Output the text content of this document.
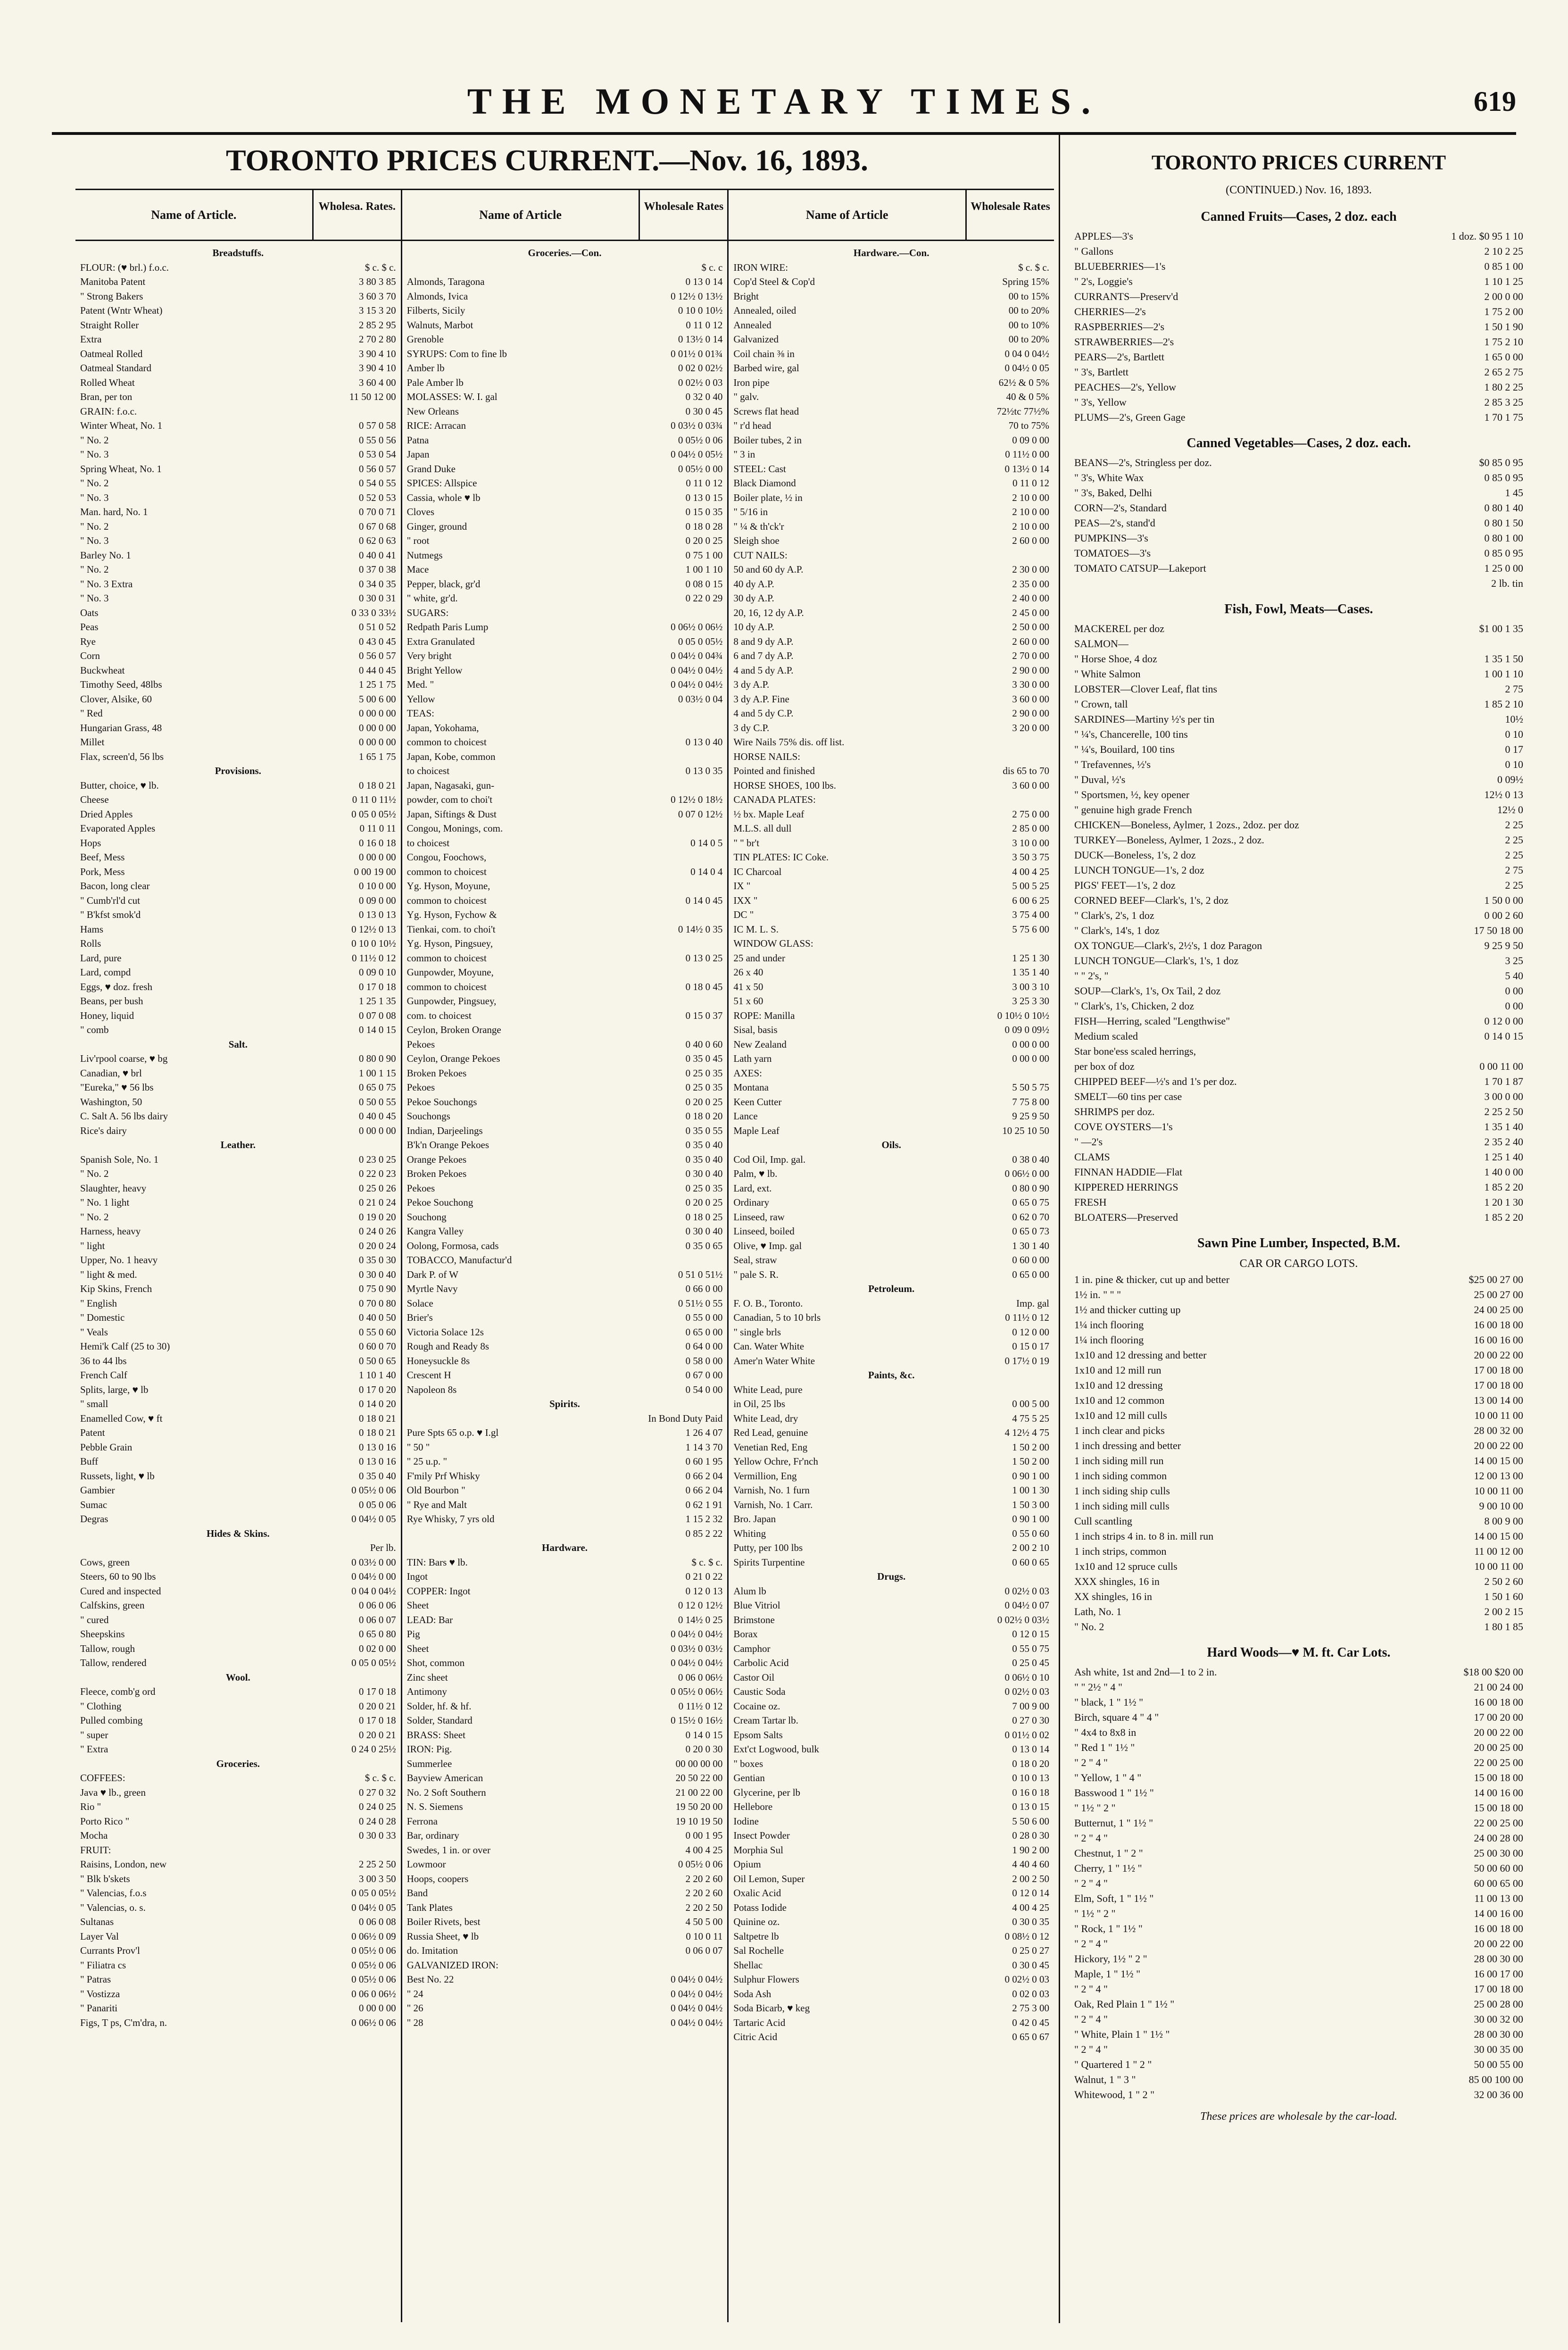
THE MONETARY TIMES.	619
TORONTO PRICES CURRENT.—Nov. 16, 1893.
Name of Article.
Wholesa. Rates.
Breadstuffs.
FLOUR: (♥ brl.) f.o.c.	$ c. $ c.
Manitoba Patent	3 80 3 85
" Strong Bakers	3 60 3 70
Patent (Wntr Wheat)	3 15 3 20
Straight Roller	2 85 2 95
Extra	2 70 2 80
Oatmeal Rolled	3 90 4 10
Oatmeal Standard	3 90 4 10
Rolled Wheat	3 60 4 00
Bran, per ton	11 50 12 00
GRAIN: f.o.c.
Winter Wheat, No. 1	0 57 0 58
" No. 2	0 55 0 56
" No. 3	0 53 0 54
Spring Wheat, No. 1	0 56 0 57
" No. 2	0 54 0 55
" No. 3	0 52 0 53
Man. hard, No. 1	0 70 0 71
" No. 2	0 67 0 68
" No. 3	0 62 0 63
Barley No. 1	0 40 0 41
" No. 2	0 37 0 38
" No. 3 Extra	0 34 0 35
" No. 3	0 30 0 31
Oats	0 33 0 33½
Peas	0 51 0 52
Rye	0 43 0 45
Corn	0 56 0 57
Buckwheat	0 44 0 45
Timothy Seed, 48lbs	1 25 1 75
Clover, Alsike, 60	5 00 6 00
" Red	0 00 0 00
Hungarian Grass, 48	0 00 0 00
Millet	0 00 0 00
Flax, screen'd, 56 lbs	1 65 1 75
Provisions.
Butter, choice, ♥ lb.	0 18 0 21
Cheese	0 11 0 11½
Dried Apples	0 05 0 05½
Evaporated Apples	0 11 0 11
Hops	0 16 0 18
Beef, Mess	0 00 0 00
Pork, Mess	0 00 19 00
Bacon, long clear	0 10 0 00
" Cumb'rl'd cut	0 09 0 00
" B'kfst smok'd	0 13 0 13
Hams	0 12½ 0 13
Rolls	0 10 0 10½
Lard, pure	0 11½ 0 12
Lard, compd	0 09 0 10
Eggs, ♥ doz. fresh	0 17 0 18
Beans, per bush	1 25 1 35
Honey, liquid	0 07 0 08
" comb	0 14 0 15
Salt.
Liv'rpool coarse, ♥ bg	0 80 0 90
Canadian, ♥ brl	1 00 1 15
"Eureka," ♥ 56 lbs	0 65 0 75
Washington, 50	0 50 0 55
C. Salt A. 56 lbs dairy	0 40 0 45
Rice's dairy	0 00 0 00
Leather.
Spanish Sole, No. 1	0 23 0 25
" No. 2	0 22 0 23
Slaughter, heavy	0 25 0 26
" No. 1 light	0 21 0 24
" No. 2	0 19 0 20
Harness, heavy	0 24 0 26
" light	0 20 0 24
Upper, No. 1 heavy	0 35 0 30
" light & med.	0 30 0 40
Kip Skins, French	0 75 0 90
" English	0 70 0 80
" Domestic	0 40 0 50
" Veals	0 55 0 60
Hemi'k Calf (25 to 30)	0 60 0 70
36 to 44 lbs	0 50 0 65
French Calf	1 10 1 40
Splits, large, ♥ lb	0 17 0 20
" small	0 14 0 20
Enamelled Cow, ♥ ft	0 18 0 21
Patent	0 18 0 21
Pebble Grain	0 13 0 16
Buff	0 13 0 16
Russets, light, ♥ lb	0 35 0 40
Gambier	0 05½ 0 06
Sumac	0 05 0 06
Degras	0 04½ 0 05
Hides & Skins.
Per lb.
Cows, green	0 03½ 0 00
Steers, 60 to 90 lbs	0 04½ 0 00
Cured and inspected	0 04 0 04½
Calfskins, green	0 06 0 06
" cured	0 06 0 07
Sheepskins	0 65 0 80
Tallow, rough	0 02 0 00
Tallow, rendered	0 05 0 05½
Wool.
Fleece, comb'g ord	0 17 0 18
" Clothing	0 20 0 21
Pulled combing	0 17 0 18
" super	0 20 0 21
" Extra	0 24 0 25½
Groceries.
COFFEES:	$ c. $ c.
Java ♥ lb., green	0 27 0 32
Rio "	0 24 0 25
Porto Rico "	0 24 0 28
Mocha	0 30 0 33
FRUIT:
Raisins, London, new	2 25 2 50
" Blk b'skets	3 00 3 50
" Valencias, f.o.s	0 05 0 05½
" Valencias, o. s.	0 04½ 0 05
Sultanas	0 06 0 08
Layer Val	0 06½ 0 09
Currants Prov'l	0 05½ 0 06
" Filiatra cs	0 05½ 0 06
" Patras	0 05½ 0 06
" Vostizza	0 06 0 06½
" Panariti	0 00 0 00
Figs, T ps, C'm'dra, n.	0 06½ 0 06
Name of Article
Wholesale Rates
Groceries.—Con.
$ c. c
Almonds, Taragona	0 13 0 14
Almonds, Ivica	0 12½ 0 13½
Filberts, Sicily	0 10 0 10½
Walnuts, Marbot	0 11 0 12
Grenoble	0 13½ 0 14
SYRUPS: Com to fine lb	0 01½ 0 01¾
Amber lb	0 02 0 02½
Pale Amber lb	0 02½ 0 03
MOLASSES: W. I. gal	0 32 0 40
New Orleans	0 30 0 45
RICE: Arracan	0 03½ 0 03¾
Patna	0 05½ 0 06
Japan	0 04½ 0 05½
Grand Duke	0 05½ 0 00
SPICES: Allspice	0 11 0 12
Cassia, whole ♥ lb	0 13 0 15
Cloves	0 15 0 35
Ginger, ground	0 18 0 28
" root	0 20 0 25
Nutmegs	0 75 1 00
Mace	1 00 1 10
Pepper, black, gr'd	0 08 0 15
" white, gr'd.	0 22 0 29
SUGARS:
Redpath Paris Lump	0 06½ 0 06½
Extra Granulated	0 05 0 05½
Very bright	0 04½ 0 04¾
Bright Yellow	0 04½ 0 04½
Med. "	0 04½ 0 04½
Yellow	0 03½ 0 04
TEAS:
Japan, Yokohama,
common to choicest	0 13 0 40
Japan, Kobe, common
to choicest	0 13 0 35
Japan, Nagasaki, gun-
powder, com to choi't	0 12½ 0 18½
Japan, Siftings & Dust	0 07 0 12½
Congou, Monings, com.
to choicest	0 14 0 5
Congou, Foochows,
common to choicest	0 14 0 4
Yg. Hyson, Moyune,
common to choicest	0 14 0 45
Yg. Hyson, Fychow &
Tienkai, com. to choi't	0 14½ 0 35
Yg. Hyson, Pingsuey,
common to choicest	0 13 0 25
Gunpowder, Moyune,
common to choicest	0 18 0 45
Gunpowder, Pingsuey,
com. to choicest	0 15 0 37
Ceylon, Broken Orange
Pekoes	0 40 0 60
Ceylon, Orange Pekoes	0 35 0 45
Broken Pekoes	0 25 0 35
Pekoes	0 25 0 35
Pekoe Souchongs	0 20 0 25
Souchongs	0 18 0 20
Indian, Darjeelings	0 35 0 55
B'k'n Orange Pekoes	0 35 0 40
Orange Pekoes	0 35 0 40
Broken Pekoes	0 30 0 40
Pekoes	0 25 0 35
Pekoe Souchong	0 20 0 25
Souchong	0 18 0 25
Kangra Valley	0 30 0 40
Oolong, Formosa, cads	0 35 0 65
TOBACCO, Manufactur'd
Dark P. of W	0 51 0 51½
Myrtle Navy	0 66 0 00
Solace	0 51½ 0 55
Brier's	0 55 0 00
Victoria Solace 12s	0 65 0 00
Rough and Ready 8s	0 64 0 00
Honeysuckle 8s	0 58 0 00
Crescent H	0 67 0 00
Napoleon 8s	0 54 0 00
Spirits.
In Bond Duty Paid
Pure Spts 65 o.p. ♥ I.gl	1 26 4 07
" 50 "	1 14 3 70
" 25 u.p. "	0 60 1 95
F'mily Prf Whisky	0 66 2 04
Old Bourbon "	0 66 2 04
" Rye and Malt	0 62 1 91
Rye Whisky, 7 yrs old	1 15 2 32
0 85 2 22
Hardware.
TIN: Bars ♥ lb.	$ c. $ c.
Ingot	0 21 0 22
COPPER: Ingot	0 12 0 13
Sheet	0 12 0 12½
LEAD: Bar	0 14½ 0 25
Pig	0 04½ 0 04½
Sheet	0 03½ 0 03½
Shot, common	0 04½ 0 04½
Zinc sheet	0 06 0 06½
Antimony	0 05½ 0 06½
Solder, hf. & hf.	0 11½ 0 12
Solder, Standard	0 15½ 0 16½
BRASS: Sheet	0 14 0 15
IRON: Pig.	0 20 0 30
Summerlee	00 00 00 00
Bayview American	20 50 22 00
No. 2 Soft Southern	21 00 22 00
N. S. Siemens	19 50 20 00
Ferrona	19 10 19 50
Bar, ordinary	0 00 1 95
Swedes, 1 in. or over	4 00 4 25
Lowmoor	0 05½ 0 06
Hoops, coopers	2 20 2 60
Band	2 20 2 60
Tank Plates	2 20 2 50
Boiler Rivets, best	4 50 5 00
Russia Sheet, ♥ lb	0 10 0 11
do. Imitation	0 06 0 07
GALVANIZED IRON:
Best No. 22	0 04½ 0 04½
" 24	0 04½ 0 04½
" 26	0 04½ 0 04½
" 28	0 04½ 0 04½
Name of Article
Wholesale Rates
Hardware.—Con.
IRON WIRE:	$ c. $ c.
Cop'd Steel & Cop'd	Spring 15%
Bright	00 to 15%
Annealed, oiled	00 to 20%
Annealed	00 to 10%
Galvanized	00 to 20%
Coil chain ⅜ in	0 04 0 04½
Barbed wire, gal	0 04½ 0 05
Iron pipe	62½ & 0 5%
" galv.	40 & 0 5%
Screws flat head	72½tc 77½%
" r'd head	70 to 75%
Boiler tubes, 2 in	0 09 0 00
" 3 in	0 11½ 0 00
STEEL: Cast	0 13½ 0 14
Black Diamond	0 11 0 12
Boiler plate, ½ in	2 10 0 00
" 5/16 in	2 10 0 00
" ¼ & th'ck'r	2 10 0 00
Sleigh shoe	2 60 0 00
CUT NAILS:
50 and 60 dy A.P.	2 30 0 00
40 dy A.P.	2 35 0 00
30 dy A.P.	2 40 0 00
20, 16, 12 dy A.P.	2 45 0 00
10 dy A.P.	2 50 0 00
8 and 9 dy A.P.	2 60 0 00
6 and 7 dy A.P.	2 70 0 00
4 and 5 dy A.P.	2 90 0 00
3 dy A.P.	3 30 0 00
3 dy A.P. Fine	3 60 0 00
4 and 5 dy C.P.	2 90 0 00
3 dy C.P.	3 20 0 00
Wire Nails 75% dis. off list.
HORSE NAILS:
Pointed and finished	dis 65 to 70
HORSE SHOES, 100 lbs.	3 60 0 00
CANADA PLATES:
½ bx. Maple Leaf	2 75 0 00
M.L.S. all dull	2 85 0 00
" " br't	3 10 0 00
TIN PLATES: IC Coke.	3 50 3 75
IC Charcoal	4 00 4 25
IX "	5 00 5 25
IXX "	6 00 6 25
DC "	3 75 4 00
IC M. L. S.	5 75 6 00
WINDOW GLASS:
25 and under	1 25 1 30
26 x 40	1 35 1 40
41 x 50	3 00 3 10
51 x 60	3 25 3 30
ROPE: Manilla	0 10½ 0 10½
Sisal, basis	0 09 0 09½
New Zealand	0 00 0 00
Lath yarn	0 00 0 00
AXES:
Montana	5 50 5 75
Keen Cutter	7 75 8 00
Lance	9 25 9 50
Maple Leaf	10 25 10 50
Oils.
Cod Oil, Imp. gal.	0 38 0 40
Palm, ♥ lb.	0 06½ 0 00
Lard, ext.	0 80 0 90
Ordinary	0 65 0 75
Linseed, raw	0 62 0 70
Linseed, boiled	0 65 0 73
Olive, ♥ Imp. gal	1 30 1 40
Seal, straw	0 60 0 00
" pale S. R.	0 65 0 00
Petroleum.
F. O. B., Toronto.	Imp. gal
Canadian, 5 to 10 brls	0 11½ 0 12
" single brls	0 12 0 00
Can. Water White	0 15 0 17
Amer'n Water White	0 17½ 0 19
Paints, &c.
White Lead, pure
in Oil, 25 lbs	0 00 5 00
White Lead, dry	4 75 5 25
Red Lead, genuine	4 12½ 4 75
Venetian Red, Eng	1 50 2 00
Yellow Ochre, Fr'nch	1 50 2 00
Vermillion, Eng	0 90 1 00
Varnish, No. 1 furn	1 00 1 30
Varnish, No. 1 Carr.	1 50 3 00
Bro. Japan	0 90 1 00
Whiting	0 55 0 60
Putty, per 100 lbs	2 00 2 10
Spirits Turpentine	0 60 0 65
Drugs.
Alum lb	0 02½ 0 03
Blue Vitriol	0 04½ 0 07
Brimstone	0 02½ 0 03½
Borax	0 12 0 15
Camphor	0 55 0 75
Carbolic Acid	0 25 0 45
Castor Oil	0 06½ 0 10
Caustic Soda	0 02½ 0 03
Cocaine oz.	7 00 9 00
Cream Tartar lb.	0 27 0 30
Epsom Salts	0 01½ 0 02
Ext'ct Logwood, bulk	0 13 0 14
" boxes	0 18 0 20
Gentian	0 10 0 13
Glycerine, per lb	0 16 0 18
Hellebore	0 13 0 15
Iodine	5 50 6 00
Insect Powder	0 28 0 30
Morphia Sul	1 90 2 00
Opium	4 40 4 60
Oil Lemon, Super	2 00 2 50
Oxalic Acid	0 12 0 14
Potass Iodide	4 00 4 25
Quinine oz.	0 30 0 35
Saltpetre lb	0 08½ 0 12
Sal Rochelle	0 25 0 27
Shellac	0 30 0 45
Sulphur Flowers	0 02½ 0 03
Soda Ash	0 02 0 03
Soda Bicarb, ♥ keg	2 75 3 00
Tartaric Acid	0 42 0 45
Citric Acid	0 65 0 67
TORONTO PRICES CURRENT
(CONTINUED.) Nov. 16, 1893.
Canned Fruits—Cases, 2 doz. each
APPLES—3's	1 doz. $0 95 1 10
" Gallons	2 10 2 25
BLUEBERRIES—1's	0 85 1 00
" 2's, Loggie's	1 10 1 25
CURRANTS—Preserv'd	2 00 0 00
CHERRIES—2's	1 75 2 00
RASPBERRIES—2's	1 50 1 90
STRAWBERRIES—2's	1 75 2 10
PEARS—2's, Bartlett	1 65 0 00
" 3's, Bartlett	2 65 2 75
PEACHES—2's, Yellow	1 80 2 25
" 3's, Yellow	2 85 3 25
PLUMS—2's, Green Gage	1 70 1 75
Canned Vegetables—Cases, 2 doz. each.
BEANS—2's, Stringless per doz.	$0 85 0 95
" 3's, White Wax	0 85 0 95
" 3's, Baked, Delhi	1 45
CORN—2's, Standard	0 80 1 40
PEAS—2's, stand'd	0 80 1 50
PUMPKINS—3's	0 80 1 00
TOMATOES—3's	0 85 0 95
TOMATO CATSUP—Lakeport	1 25 0 00
2 lb. tin
Fish, Fowl, Meats—Cases.
MACKEREL per doz	$1 00 1 35
SALMON—
" Horse Shoe, 4 doz	1 35 1 50
" White Salmon	1 00 1 10
LOBSTER—Clover Leaf, flat tins	2 75
" Crown, tall	1 85 2 10
SARDINES—Martiny ½'s per tin	10½
" ¼'s, Chancerelle, 100 tins	0 10
" ¼'s, Bouilard, 100 tins	0 17
" Trefavennes, ½'s	0 10
" Duval, ½'s	0 09½
" Sportsmen, ½, key opener	12½ 0 13
" genuine high grade French	12½ 0
CHICKEN—Boneless, Aylmer, 1 2ozs., 2doz. per doz	2 25
TURKEY—Boneless, Aylmer, 1 2ozs., 2 doz.	2 25
DUCK—Boneless, 1's, 2 doz	2 25
LUNCH TONGUE—1's, 2 doz	2 75
PIGS' FEET—1's, 2 doz	2 25
CORNED BEEF—Clark's, 1's, 2 doz	1 50 0 00
" Clark's, 2's, 1 doz	0 00 2 60
" Clark's, 14's, 1 doz	17 50 18 00
OX TONGUE—Clark's, 2½'s, 1 doz Paragon	9 25 9 50
LUNCH TONGUE—Clark's, 1's, 1 doz	3 25
" " 2's, "	5 40
SOUP—Clark's, 1's, Ox Tail, 2 doz	0 00
" Clark's, 1's, Chicken, 2 doz	0 00
FISH—Herring, scaled "Lengthwise"	0 12 0 00
Medium scaled	0 14 0 15
Star bone'ess scaled herrings,
per box of doz	0 00 11 00
CHIPPED BEEF—½'s and 1's per doz.	1 70 1 87
SMELT—60 tins per case	3 00 0 00
SHRIMPS per doz.	2 25 2 50
COVE OYSTERS—1's	1 35 1 40
" —2's	2 35 2 40
CLAMS	1 25 1 40
FINNAN HADDIE—Flat	1 40 0 00
KIPPERED HERRINGS	1 85 2 20
FRESH	1 20 1 30
BLOATERS—Preserved	1 85 2 20
Sawn Pine Lumber, Inspected, B.M.
CAR OR CARGO LOTS.
1 in. pine & thicker, cut up and better	$25 00 27 00
1½ in. " " "	25 00 27 00
1½ and thicker cutting up	24 00 25 00
1¼ inch flooring	16 00 18 00
1¼ inch flooring	16 00 16 00
1x10 and 12 dressing and better	20 00 22 00
1x10 and 12 mill run	17 00 18 00
1x10 and 12 dressing	17 00 18 00
1x10 and 12 common	13 00 14 00
1x10 and 12 mill culls	10 00 11 00
1 inch clear and picks	28 00 32 00
1 inch dressing and better	20 00 22 00
1 inch siding mill run	14 00 15 00
1 inch siding common	12 00 13 00
1 inch siding ship culls	10 00 11 00
1 inch siding mill culls	9 00 10 00
Cull scantling	8 00 9 00
1 inch strips 4 in. to 8 in. mill run	14 00 15 00
1 inch strips, common	11 00 12 00
1x10 and 12 spruce culls	10 00 11 00
XXX shingles, 16 in	2 50 2 60
XX shingles, 16 in	1 50 1 60
Lath, No. 1	2 00 2 15
" No. 2	1 80 1 85
Hard Woods—♥ M. ft. Car Lots.
Ash white, 1st and 2nd—1 to 2 in.	$18 00 $20 00
" " 2½ " 4 "	21 00 24 00
" black, 1 " 1½ "	16 00 18 00
Birch, square 4 " 4 "	17 00 20 00
" 4x4 to 8x8 in	20 00 22 00
" Red 1 " 1½ "	20 00 25 00
" 2 " 4 "	22 00 25 00
" Yellow, 1 " 4 "	15 00 18 00
Basswood 1 " 1½ "	14 00 16 00
" 1½ " 2 "	15 00 18 00
Butternut, 1 " 1½ "	22 00 25 00
" 2 " 4 "	24 00 28 00
Chestnut, 1 " 2 "	25 00 30 00
Cherry, 1 " 1½ "	50 00 60 00
" 2 " 4 "	60 00 65 00
Elm, Soft, 1 " 1½ "	11 00 13 00
" 1½ " 2 "	14 00 16 00
" Rock, 1 " 1½ "	16 00 18 00
" 2 " 4 "	20 00 22 00
Hickory, 1½ " 2 "	28 00 30 00
Maple, 1 " 1½ "	16 00 17 00
" 2 " 4 "	17 00 18 00
Oak, Red Plain 1 " 1½ "	25 00 28 00
" 2 " 4 "	30 00 32 00
" White, Plain 1 " 1½ "	28 00 30 00
" 2 " 4 "	30 00 35 00
" Quartered 1 " 2 "	50 00 55 00
Walnut, 1 " 3 "	85 00 100 00
Whitewood, 1 " 2 "	32 00 36 00
These prices are wholesale by the car-load.
